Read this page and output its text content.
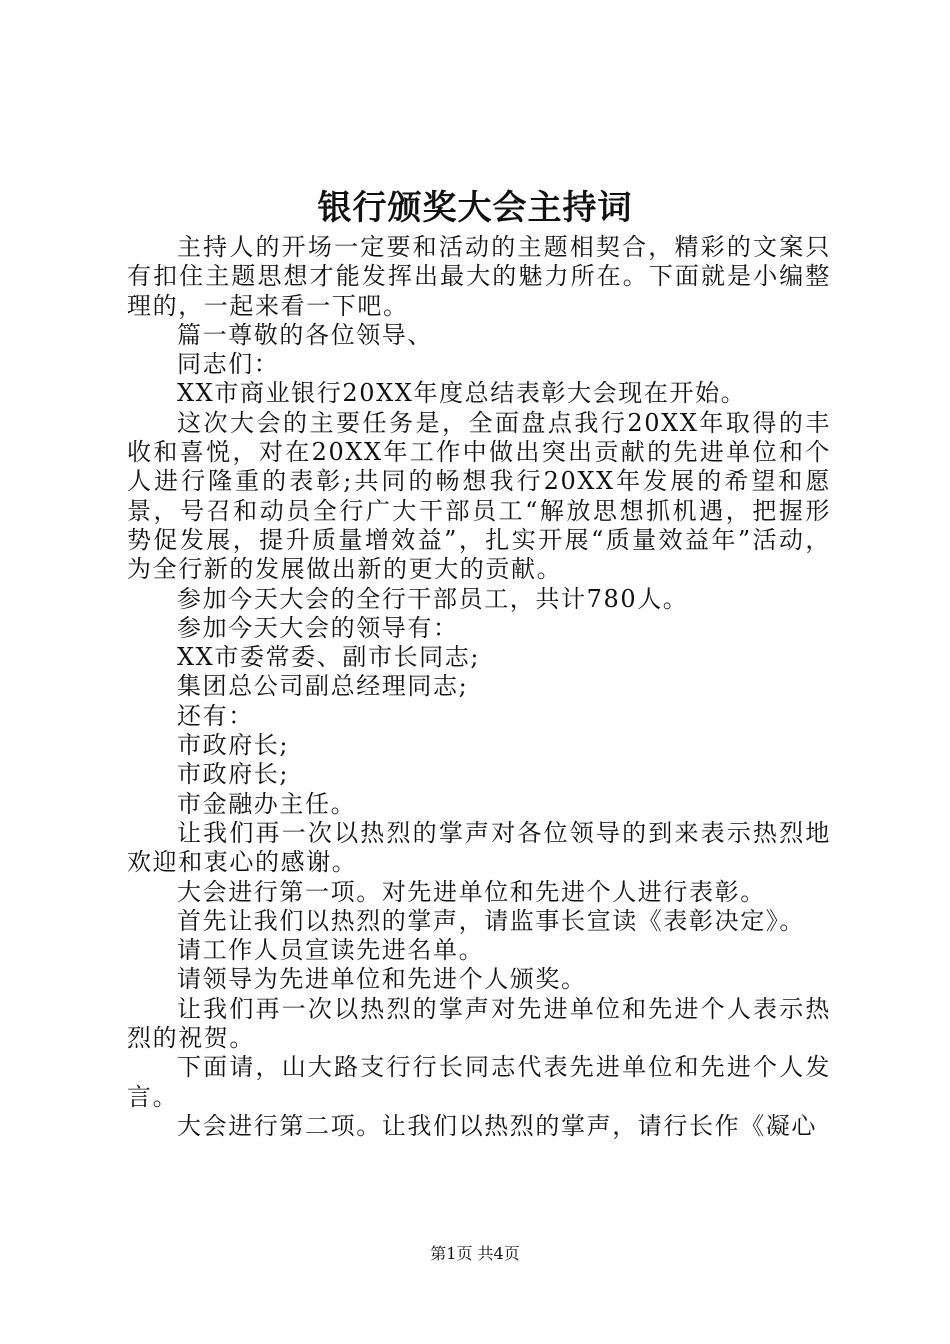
银行颁奖大会主持词

主持人的开场一定要和活动的主题相契合，精彩的文案只有扣住主题思想才能发挥出最大的魅力所在。下面就是小编整理的，一起来看一下吧。

篇一尊敬的各位领导、

同志们：

XX市商业银行20XX年度总结表彰大会现在开始。

这次大会的主要任务是，全面盘点我行20XX年取得的丰收和喜悦，对在20XX年工作中做出突出贡献的先进单位和个人进行隆重的表彰;共同的畅想我行20XX年发展的希望和愿景，号召和动员全行广大干部员工“解放思想抓机遇，把握形势促发展，提升质量增效益”，扎实开展“质量效益年”活动，为全行新的发展做出新的更大的贡献。

参加今天大会的全行干部员工，共计780人。

参加今天大会的领导有：

XX市委常委、副市长同志;

集团总公司副总经理同志;

还有：

市政府长;

市政府长;

市金融办主任。

让我们再一次以热烈的掌声对各位领导的到来表示热烈地欢迎和衷心的感谢。

大会进行第一项。对先进单位和先进个人进行表彰。

首先让我们以热烈的掌声，请监事长宣读《表彰决定》。

请工作人员宣读先进名单。

请领导为先进单位和先进个人颁奖。

让我们再一次以热烈的掌声对先进单位和先进个人表示热烈的祝贺。

下面请，山大路支行行长同志代表先进单位和先进个人发言。

大会进行第二项。让我们以热烈的掌声，请行长作《凝心

第1页 共4页
